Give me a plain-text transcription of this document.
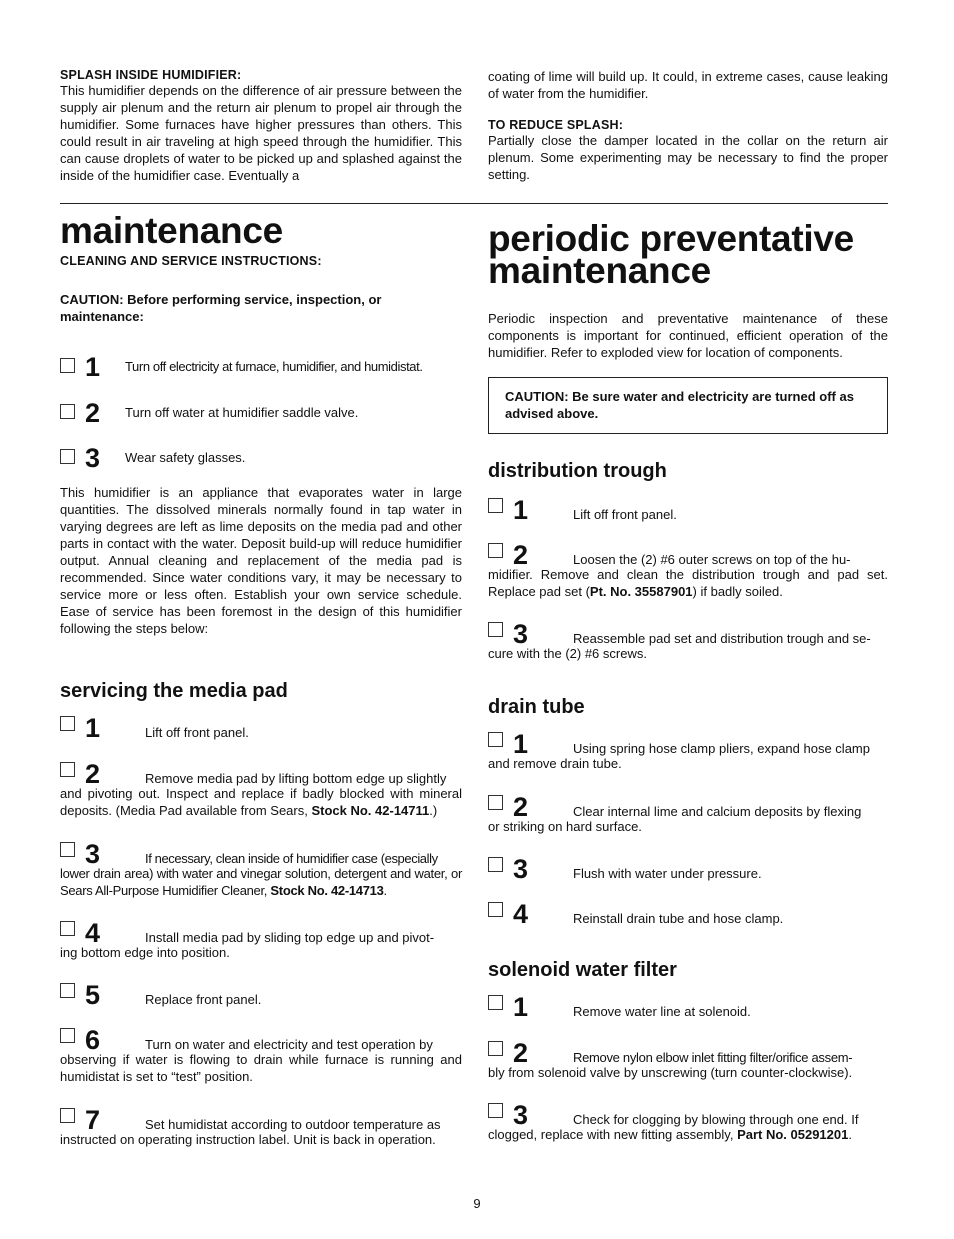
SPLASH INSIDE HUMIDIFIER:

This humidifier depends on the difference of air pressure between the supply air plenum and the return air plenum to propel air through the humidifier. Some furnaces have higher pressures than others. This could result in air traveling at high speed through the humidifier. This can cause droplets of water to be picked up and splashed against the inside of the humidifier case. Eventually a

coating of lime will build up. It could, in extreme cases, cause leaking of water from the humidifier.

TO REDUCE SPLASH:

Partially close the damper located in the collar on the return air plenum. Some experimenting may be necessary to find the proper setting.

maintenance
CLEANING AND SERVICE INSTRUCTIONS:

CAUTION: Before performing service, inspection, or maintenance:

1 Turn off electricity at furnace, humidifier, and humidistat.
2 Turn off water at humidifier saddle valve.
3 Wear safety glasses.

This humidifier is an appliance that evaporates water in large quantities. The dissolved minerals normally found in tap water in varying degrees are left as lime deposits on the media pad and other parts in contact with the water. Deposit build-up will reduce humidifier output. Annual cleaning and replacement of the media pad is recommended. Since water conditions vary, it may be necessary to service more or less often. Establish your own service schedule. Ease of service has been foremost in the design of this humidifier following the steps below:

servicing the media pad
1	Lift off front panel.
2	Remove media pad by lifting bottom edge up slightly
and pivoting out. Inspect and replace if badly blocked with mineral deposits. (Media Pad available from Sears, Stock No. 42-14711.)
3	If necessary, clean inside of humidifier case (especially
lower drain area) with water and vinegar solution, detergent and water, or Sears All-Purpose Humidifier Cleaner, Stock No. 42-14713.
4	Install media pad by sliding top edge up and pivot-
ing bottom edge into position.
5	Replace front panel.
6	Turn on water and electricity and test operation by
observing if water is flowing to drain while furnace is running and humidistat is set to “test” position.
7	Set humidistat according to outdoor temperature as
instructed on operating instruction label. Unit is back in operation.
periodic preventative
maintenance

Periodic inspection and preventative maintenance of these components is important for continued, efficient operation of the humidifier. Refer to exploded view for location of components.

CAUTION: Be sure water and electricity are turned off as advised above.

distribution trough
1	Lift off front panel.
2	Loosen the (2) #6 outer screws on top of the hu-
midifier. Remove and clean the distribution trough and pad set. Replace pad set (Pt. No. 35587901) if badly soiled.
3	Reassemble pad set and distribution trough and se-
cure with the (2) #6 screws.
drain tube
1	Using spring hose clamp pliers, expand hose clamp
and remove drain tube.
2	Clear internal lime and calcium deposits by flexing
or striking on hard surface.
3	Flush with water under pressure.
4	Reinstall drain tube and hose clamp.
solenoid water filter
1	Remove water line at solenoid.
2	Remove nylon elbow inlet fitting filter/orifice assem-
bly from solenoid valve by unscrewing (turn counter-clockwise).
3	Check for clogging by blowing through one end. If
clogged, replace with new fitting assembly, Part No. 05291201.
9
